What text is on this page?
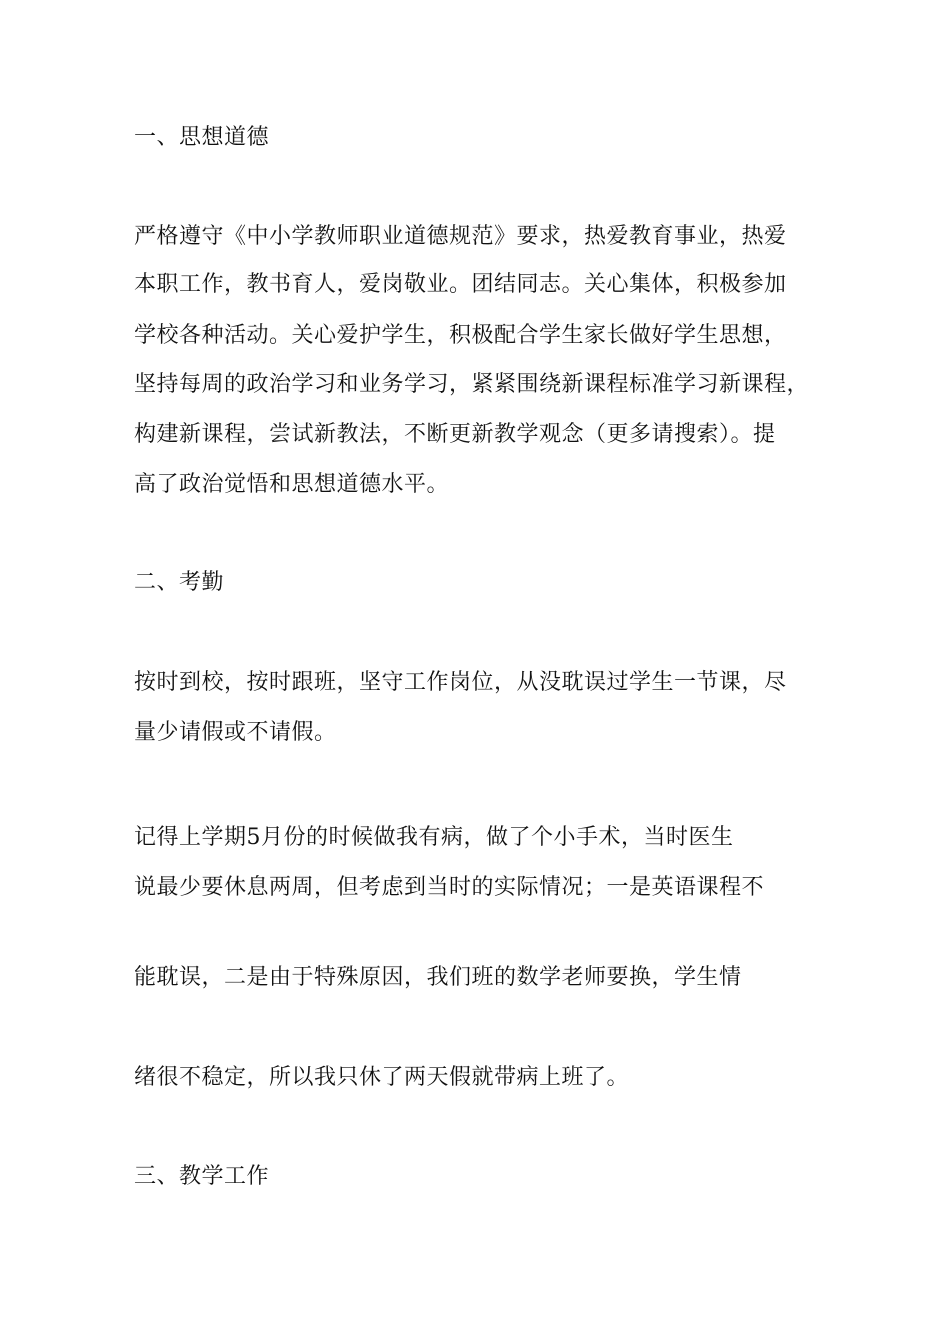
一、思想道德
严格遵守《中小学教师职业道德规范》要求，热爱教育事业，热爱
本职工作，教书育人，爱岗敬业。团结同志。关心集体，积极参加
学校各种活动。关心爱护学生，积极配合学生家长做好学生思想，
坚持每周的政治学习和业务学习，紧紧围绕新课程标准学习新课程，
构建新课程，尝试新教法，不断更新教学观念（更多请搜索）。提
高了政治觉悟和思想道德水平。
二、考勤
按时到校，按时跟班，坚守工作岗位，从没耽误过学生一节课，尽
量少请假或不请假。
记得上学期5月份的时候做我有病，做了个小手术，当时医生
说最少要休息两周，但考虑到当时的实际情况；一是英语课程不
能耽误，二是由于特殊原因，我们班的数学老师要换，学生情
绪很不稳定，所以我只休了两天假就带病上班了。
三、教学工作
